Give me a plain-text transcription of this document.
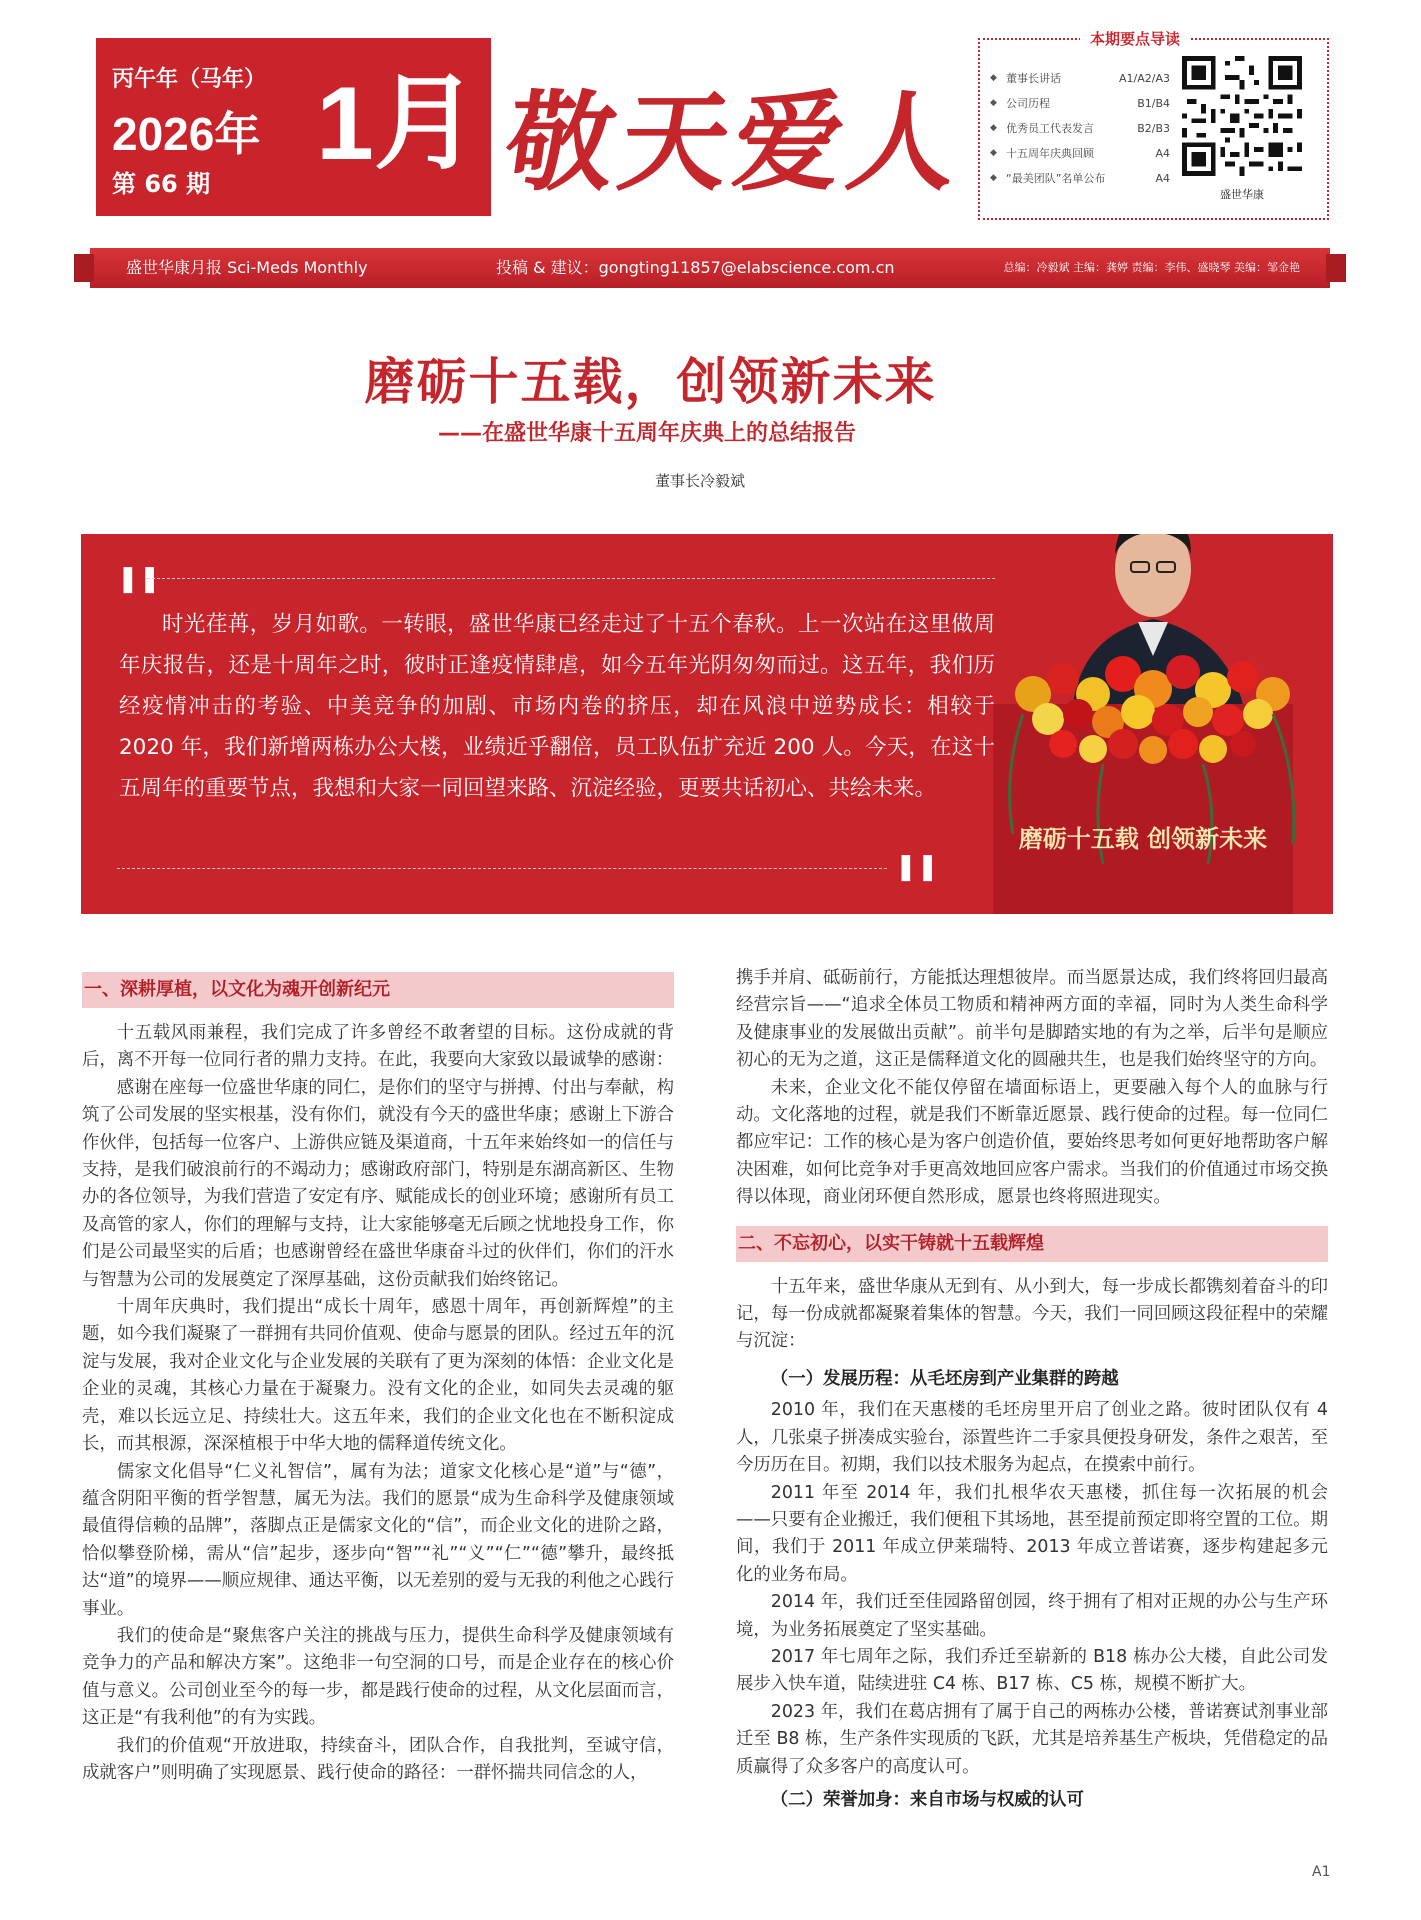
丙午年（马年）
2026年 1月
第 66 期	敬天爱人
本期要点导读
◆ 董事长讲话	A1/A2/A3
◆ 公司历程	B1/B4
◆ 优秀员工代表发言	B2/B3
◆ 十五周年庆典回顾	A4
◆ “最美团队”名单公布	A4
盛世华康
盛世华康月报 Sci-Meds Monthly	投稿 & 建议：gongting11857@elabscience.com.cn	总编：冷毅斌 主编：龚婷 责编：李伟、盛晓琴 美编：邹金艳
磨砺十五载，创领新未来
——在盛世华康十五周年庆典上的总结报告
董事长冷毅斌
磨砺十五载 创领新未来
❚❚
时光荏苒，岁月如歌。一转眼，盛世华康已经走过了十五个春秋。上一次站在这里做周年庆报告，还是十周年之时，彼时正逢疫情肆虐，如今五年光阴匆匆而过。这五年，我们历经疫情冲击的考验、中美竞争的加剧、市场内卷的挤压，却在风浪中逆势成长：相较于 2020 年，我们新增两栋办公大楼，业绩近乎翻倍，员工队伍扩充近 200 人。今天，在这十五周年的重要节点，我想和大家一同回望来路、沉淀经验，更要共话初心、共绘未来。
❚❚
一、深耕厚植，以文化为魂开创新纪元

十五载风雨兼程，我们完成了许多曾经不敢奢望的目标。这份成就的背后，离不开每一位同行者的鼎力支持。在此，我要向大家致以最诚挚的感谢：

感谢在座每一位盛世华康的同仁，是你们的坚守与拼搏、付出与奉献，构筑了公司发展的坚实根基，没有你们，就没有今天的盛世华康；感谢上下游合作伙伴，包括每一位客户、上游供应链及渠道商，十五年来始终如一的信任与支持，是我们破浪前行的不竭动力；感谢政府部门，特别是东湖高新区、生物办的各位领导，为我们营造了安定有序、赋能成长的创业环境；感谢所有员工及高管的家人，你们的理解与支持，让大家能够毫无后顾之忧地投身工作，你们是公司最坚实的后盾；也感谢曾经在盛世华康奋斗过的伙伴们，你们的汗水与智慧为公司的发展奠定了深厚基础，这份贡献我们始终铭记。

十周年庆典时，我们提出“成长十周年，感恩十周年，再创新辉煌”的主题，如今我们凝聚了一群拥有共同价值观、使命与愿景的团队。经过五年的沉淀与发展，我对企业文化与企业发展的关联有了更为深刻的体悟：企业文化是企业的灵魂，其核心力量在于凝聚力。没有文化的企业，如同失去灵魂的躯壳，难以长远立足、持续壮大。这五年来，我们的企业文化也在不断积淀成长，而其根源，深深植根于中华大地的儒释道传统文化。

儒家文化倡导“仁义礼智信”，属有为法；道家文化核心是“道”与“德”，蕴含阴阳平衡的哲学智慧，属无为法。我们的愿景“成为生命科学及健康领域最值得信赖的品牌”，落脚点正是儒家文化的“信”，而企业文化的进阶之路，恰似攀登阶梯，需从“信”起步，逐步向“智”“礼”“义”“仁”“德”攀升，最终抵达“道”的境界——顺应规律、通达平衡，以无差别的爱与无我的利他之心践行事业。

我们的使命是“聚焦客户关注的挑战与压力，提供生命科学及健康领域有竞争力的产品和解决方案”。这绝非一句空洞的口号，而是企业存在的核心价值与意义。公司创业至今的每一步，都是践行使命的过程，从文化层面而言，这正是“有我利他”的有为实践。

我们的价值观“开放进取，持续奋斗，团队合作，自我批判，至诚守信，成就客户”则明确了实现愿景、践行使命的路径：一群怀揣共同信念的人，

携手并肩、砥砺前行，方能抵达理想彼岸。而当愿景达成，我们终将回归最高经营宗旨——“追求全体员工物质和精神两方面的幸福，同时为人类生命科学及健康事业的发展做出贡献”。前半句是脚踏实地的有为之举，后半句是顺应初心的无为之道，这正是儒释道文化的圆融共生，也是我们始终坚守的方向。

未来，企业文化不能仅停留在墙面标语上，更要融入每个人的血脉与行动。文化落地的过程，就是我们不断靠近愿景、践行使命的过程。每一位同仁都应牢记：工作的核心是为客户创造价值，要始终思考如何更好地帮助客户解决困难，如何比竞争对手更高效地回应客户需求。当我们的价值通过市场交换得以体现，商业闭环便自然形成，愿景也终将照进现实。

二、不忘初心，以实干铸就十五载辉煌

十五年来，盛世华康从无到有、从小到大，每一步成长都镌刻着奋斗的印记，每一份成就都凝聚着集体的智慧。今天，我们一同回顾这段征程中的荣耀与沉淀：

（一）发展历程：从毛坯房到产业集群的跨越

2010 年，我们在天惠楼的毛坯房里开启了创业之路。彼时团队仅有 4 人，几张桌子拼凑成实验台，添置些许二手家具便投身研发，条件之艰苦，至今历历在目。初期，我们以技术服务为起点，在摸索中前行。

2011 年至 2014 年，我们扎根华农天惠楼，抓住每一次拓展的机会——只要有企业搬迁，我们便租下其场地，甚至提前预定即将空置的工位。期间，我们于 2011 年成立伊莱瑞特、2013 年成立普诺赛，逐步构建起多元化的业务布局。

2014 年，我们迁至佳园路留创园，终于拥有了相对正规的办公与生产环境，为业务拓展奠定了坚实基础。

2017 年七周年之际，我们乔迁至崭新的 B18 栋办公大楼，自此公司发展步入快车道，陆续进驻 C4 栋、B17 栋、C5 栋，规模不断扩大。

2023 年，我们在葛店拥有了属于自己的两栋办公楼，普诺赛试剂事业部迁至 B8 栋，生产条件实现质的飞跃，尤其是培养基生产板块，凭借稳定的品质赢得了众多客户的高度认可。

（二）荣誉加身：来自市场与权威的认可
A1
